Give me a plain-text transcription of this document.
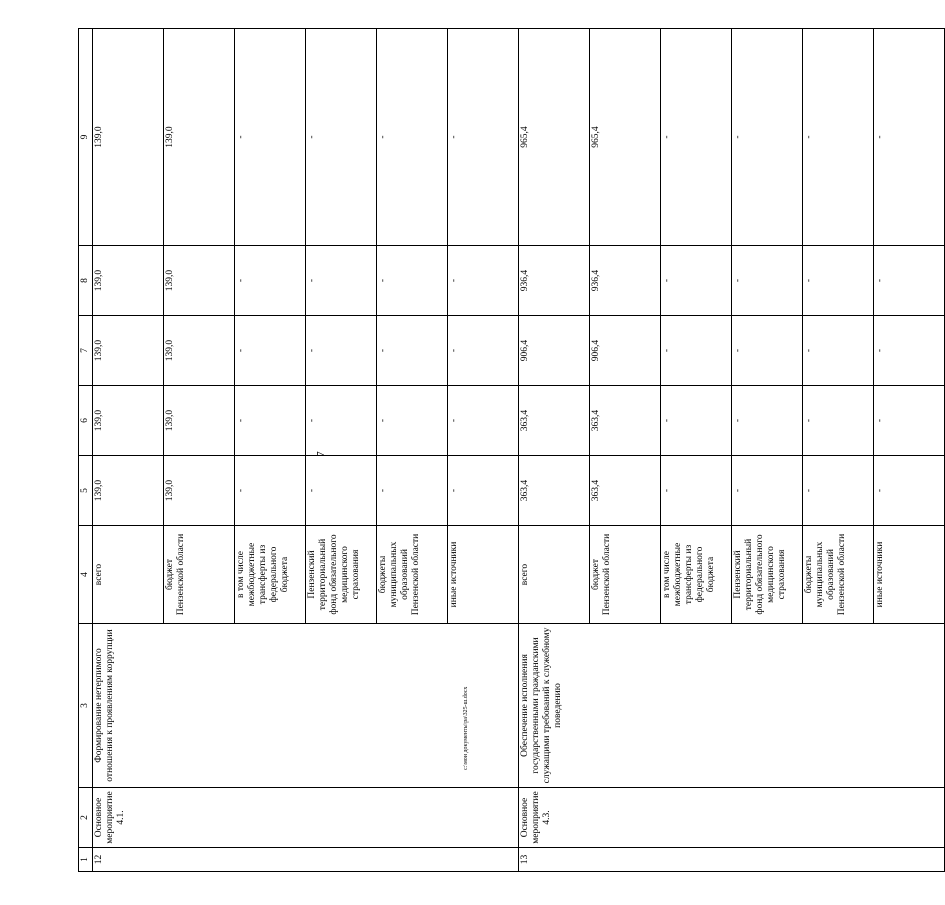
7
c:\мои документы\ра\325-ш.docx
1	2	3	4	5	6	7	8	9
12	Основное мероприятие 4.1.	Формирование нетерпимого отношения к проявлениям коррупции	всего	139,0	139,0	139,0	139,0	139,0
			бюджет
Пензенской области	139,0	139,0	139,0	139,0	139,0
			в том числе
межбюджетные
трансферты из
федерального
бюджета	-	-	-	-	-
			Пензенский
территориальный
фонд обязательного
медицинского
страхования	-	-	-	-	-
			бюджеты
муниципальных
образований
Пензенской области	-	-	-	-	-
			иные источники	-	-	-	-	-
13	Основное мероприятие 4.3.	Обеспечение исполнения государственными гражданскими служащими требований к служебному поведению	всего	363,4	363,4	906,4	936,4	965,4
			бюджет
Пензенской области	363,4	363,4	906,4	936,4	965,4
			в том числе
межбюджетные
трансферты из
федерального
бюджета	-	-	-	-	-
			Пензенский
территориальный
фонд обязательного
медицинского
страхования	-	-	-	-	-
			бюджеты
муниципальных
образований
Пензенской области	-	-	-	-	-
			иные источники	-	-	-	-	-
